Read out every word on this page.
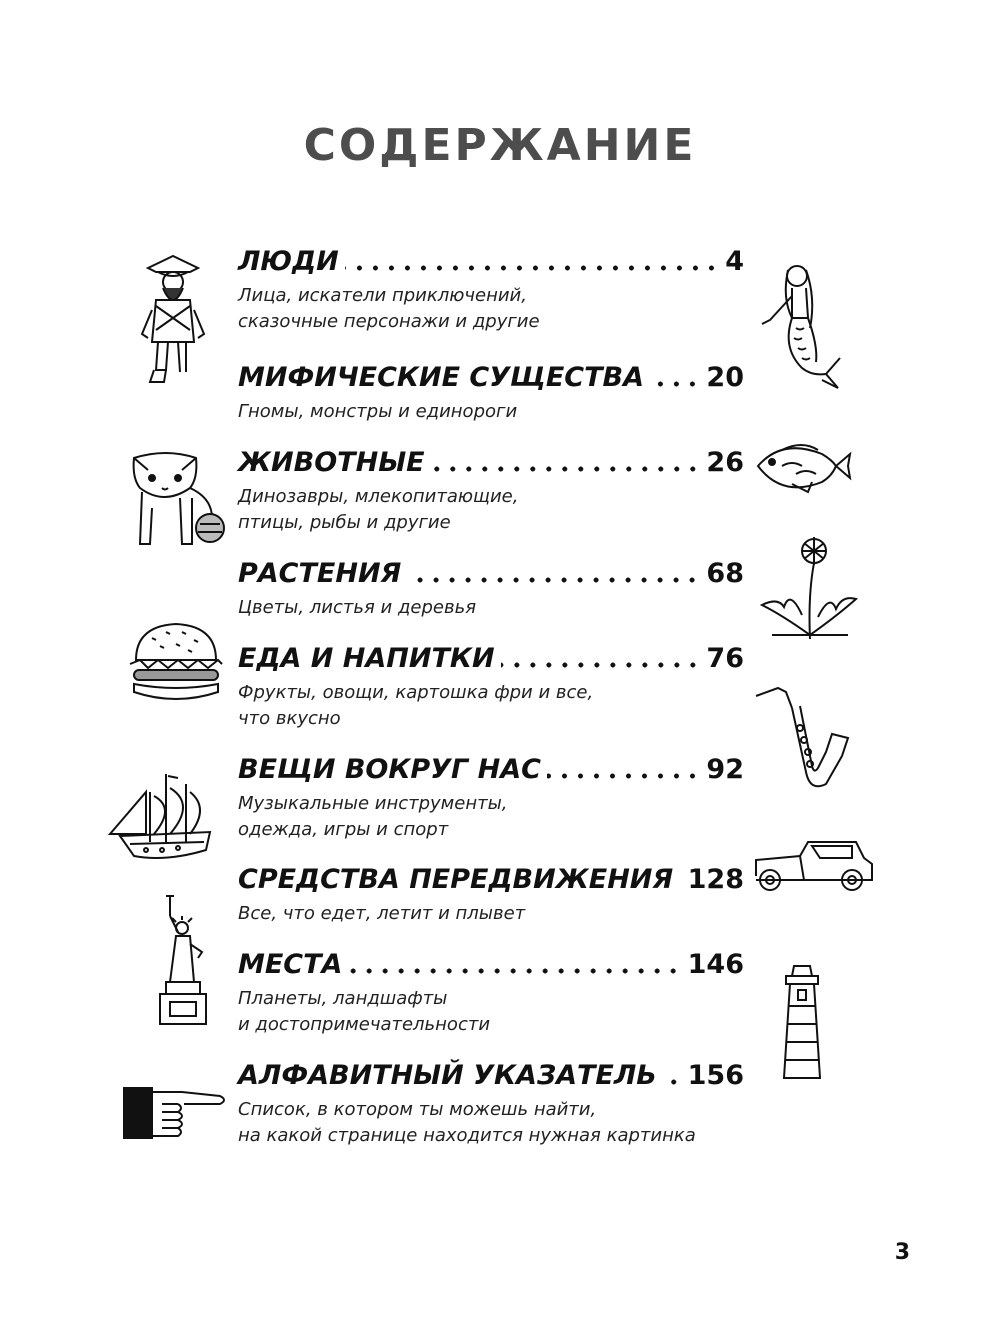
СОДЕРЖАНИЕ
ЛЮДИ	4
Лица, искатели приключений,
сказочные персонажи и другие
МИФИЧЕСКИЕ СУЩЕСТВА 20
Гномы, монстры и единороги
ЖИВОТНЫЕ	26
Динозавры, млекопитающие,
птицы, рыбы и другие
РАСТЕНИЯ	68
Цветы, листья и деревья
ЕДА И НАПИТКИ	76
Фрукты, овощи, картошка фри и все,
что вкусно
ВЕЩИ ВОКРУГ НАС	92
Музыкальные инструменты,
одежда, игры и спорт
СРЕДСТВА ПЕРЕДВИЖЕНИЯ 128
Все, что едет, летит и плывет
МЕСТА	146
Планеты, ландшафты
и достопримечательности
АЛФАВИТНЫЙ УКАЗАТЕЛЬ 156
Список, в котором ты можешь найти,
на какой странице находится нужная картинка
3
